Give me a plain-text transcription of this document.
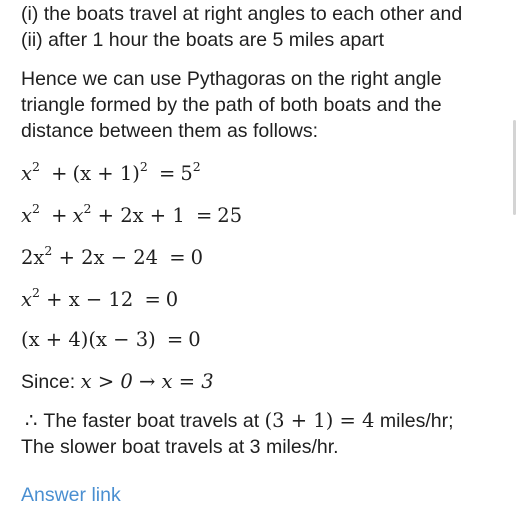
(i) the boats travel at right angles to each other and
(ii) after 1 hour the boats are 5 miles apart
Hence we can use Pythagoras on the right angle
triangle formed by the path of both boats and the
distance between them as follows:
$x^2 + (x + 1)^2 = 5^2$
$x^2 + x^2 + 2x + 1 = 25$
$2x^2 + 2x - 24 = 0$
$x^2 + x - 12 = 0$
(x + 4)(x − 3) = 0
Since: x > 0 → x = 3
∴ The faster boat travels at (3 + 1) = 4 miles/hr;
The slower boat travels at 3 miles/hr.
Answer link
